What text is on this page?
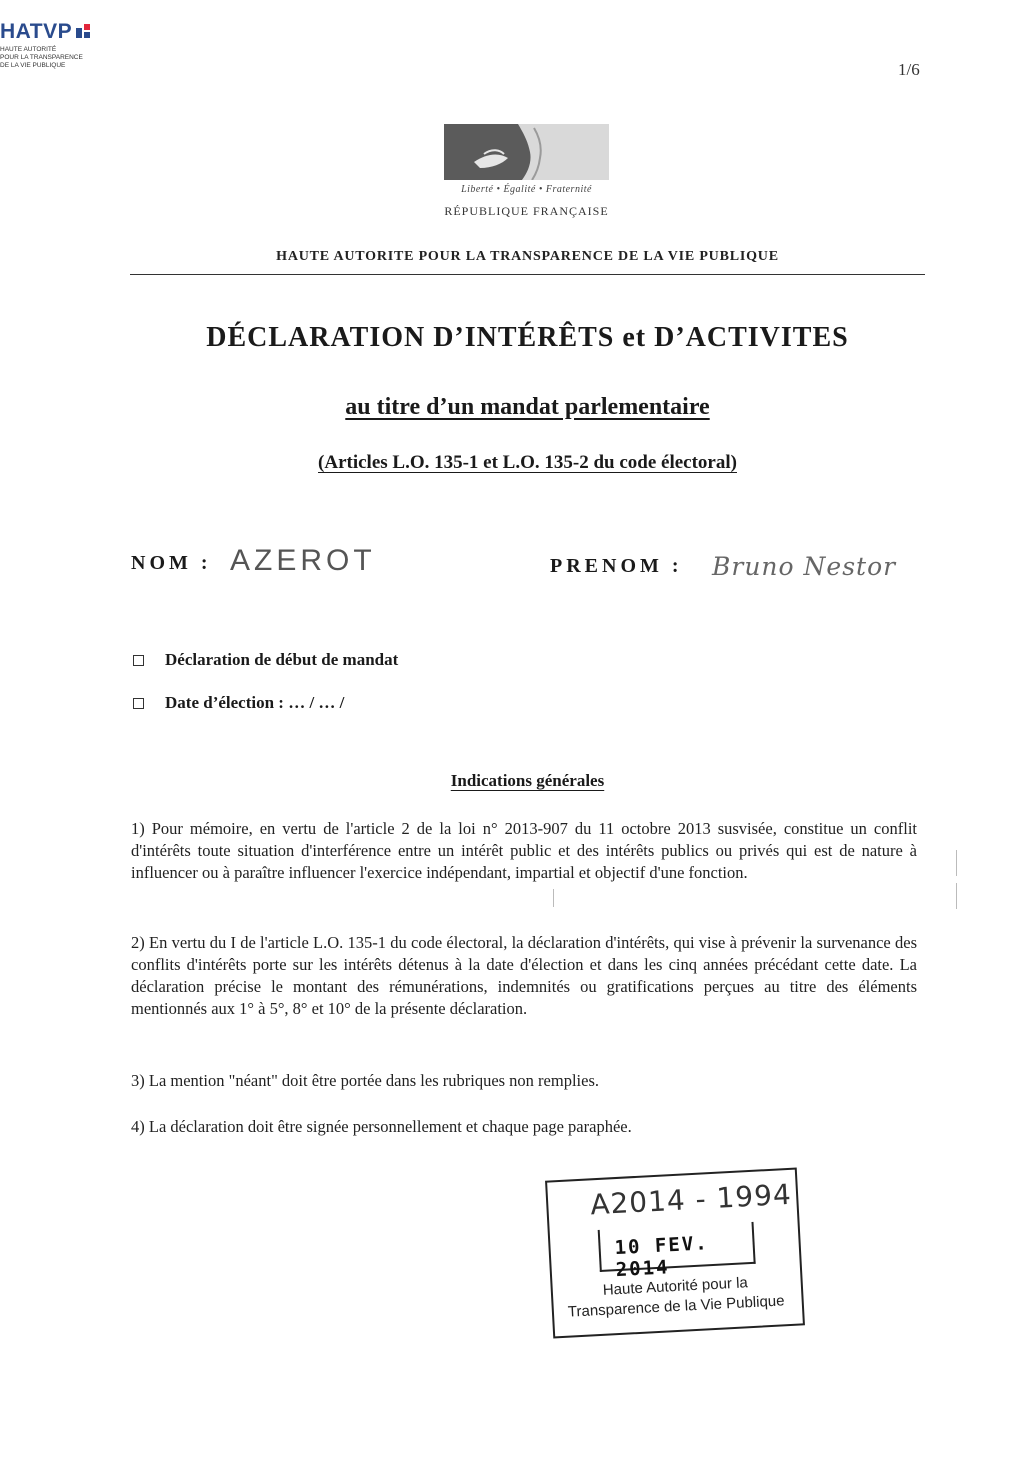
HATVP
HAUTE AUTORITÉ
POUR LA TRANSPARENCE
DE LA VIE PUBLIQUE	1/6
Liberté • Égalité • Fraternité
RÉPUBLIQUE FRANÇAISE
HAUTE AUTORITE POUR LA TRANSPARENCE DE LA VIE PUBLIQUE
DÉCLARATION D’INTÉRÊTS et D’ACTIVITES
au titre d’un mandat parlementaire
(Articles L.O. 135-1 et L.O. 135-2 du code électoral)
NOM : AZEROT	PRENOM : Bruno Nestor
Déclaration de début de mandat
Date d’élection : … / … /
Indications générales
1) Pour mémoire, en vertu de l'article 2 de la loi n° 2013-907 du 11 octobre 2013 susvisée, constitue un conflit d'intérêts toute situation d'interférence entre un intérêt public et des intérêts publics ou privés qui est de nature à influencer ou à paraître influencer l'exercice indépendant, impartial et objectif d'une fonction.
2) En vertu du I de l'article L.O. 135-1 du code électoral, la déclaration d'intérêts, qui vise à prévenir la survenance des conflits d'intérêts porte sur les intérêts détenus à la date d'élection et dans les cinq années précédant cette date. La déclaration précise le montant des rémunérations, indemnités ou gratifications perçues au titre des éléments mentionnés aux 1° à 5°, 8° et 10° de la présente déclaration.
3) La mention "néant" doit être portée dans les rubriques non remplies.
4) La déclaration doit être signée personnellement et chaque page paraphée.
A2014 - 1994
10 FEV. 2014
Haute Autorité pour la
Transparence de la Vie Publique
